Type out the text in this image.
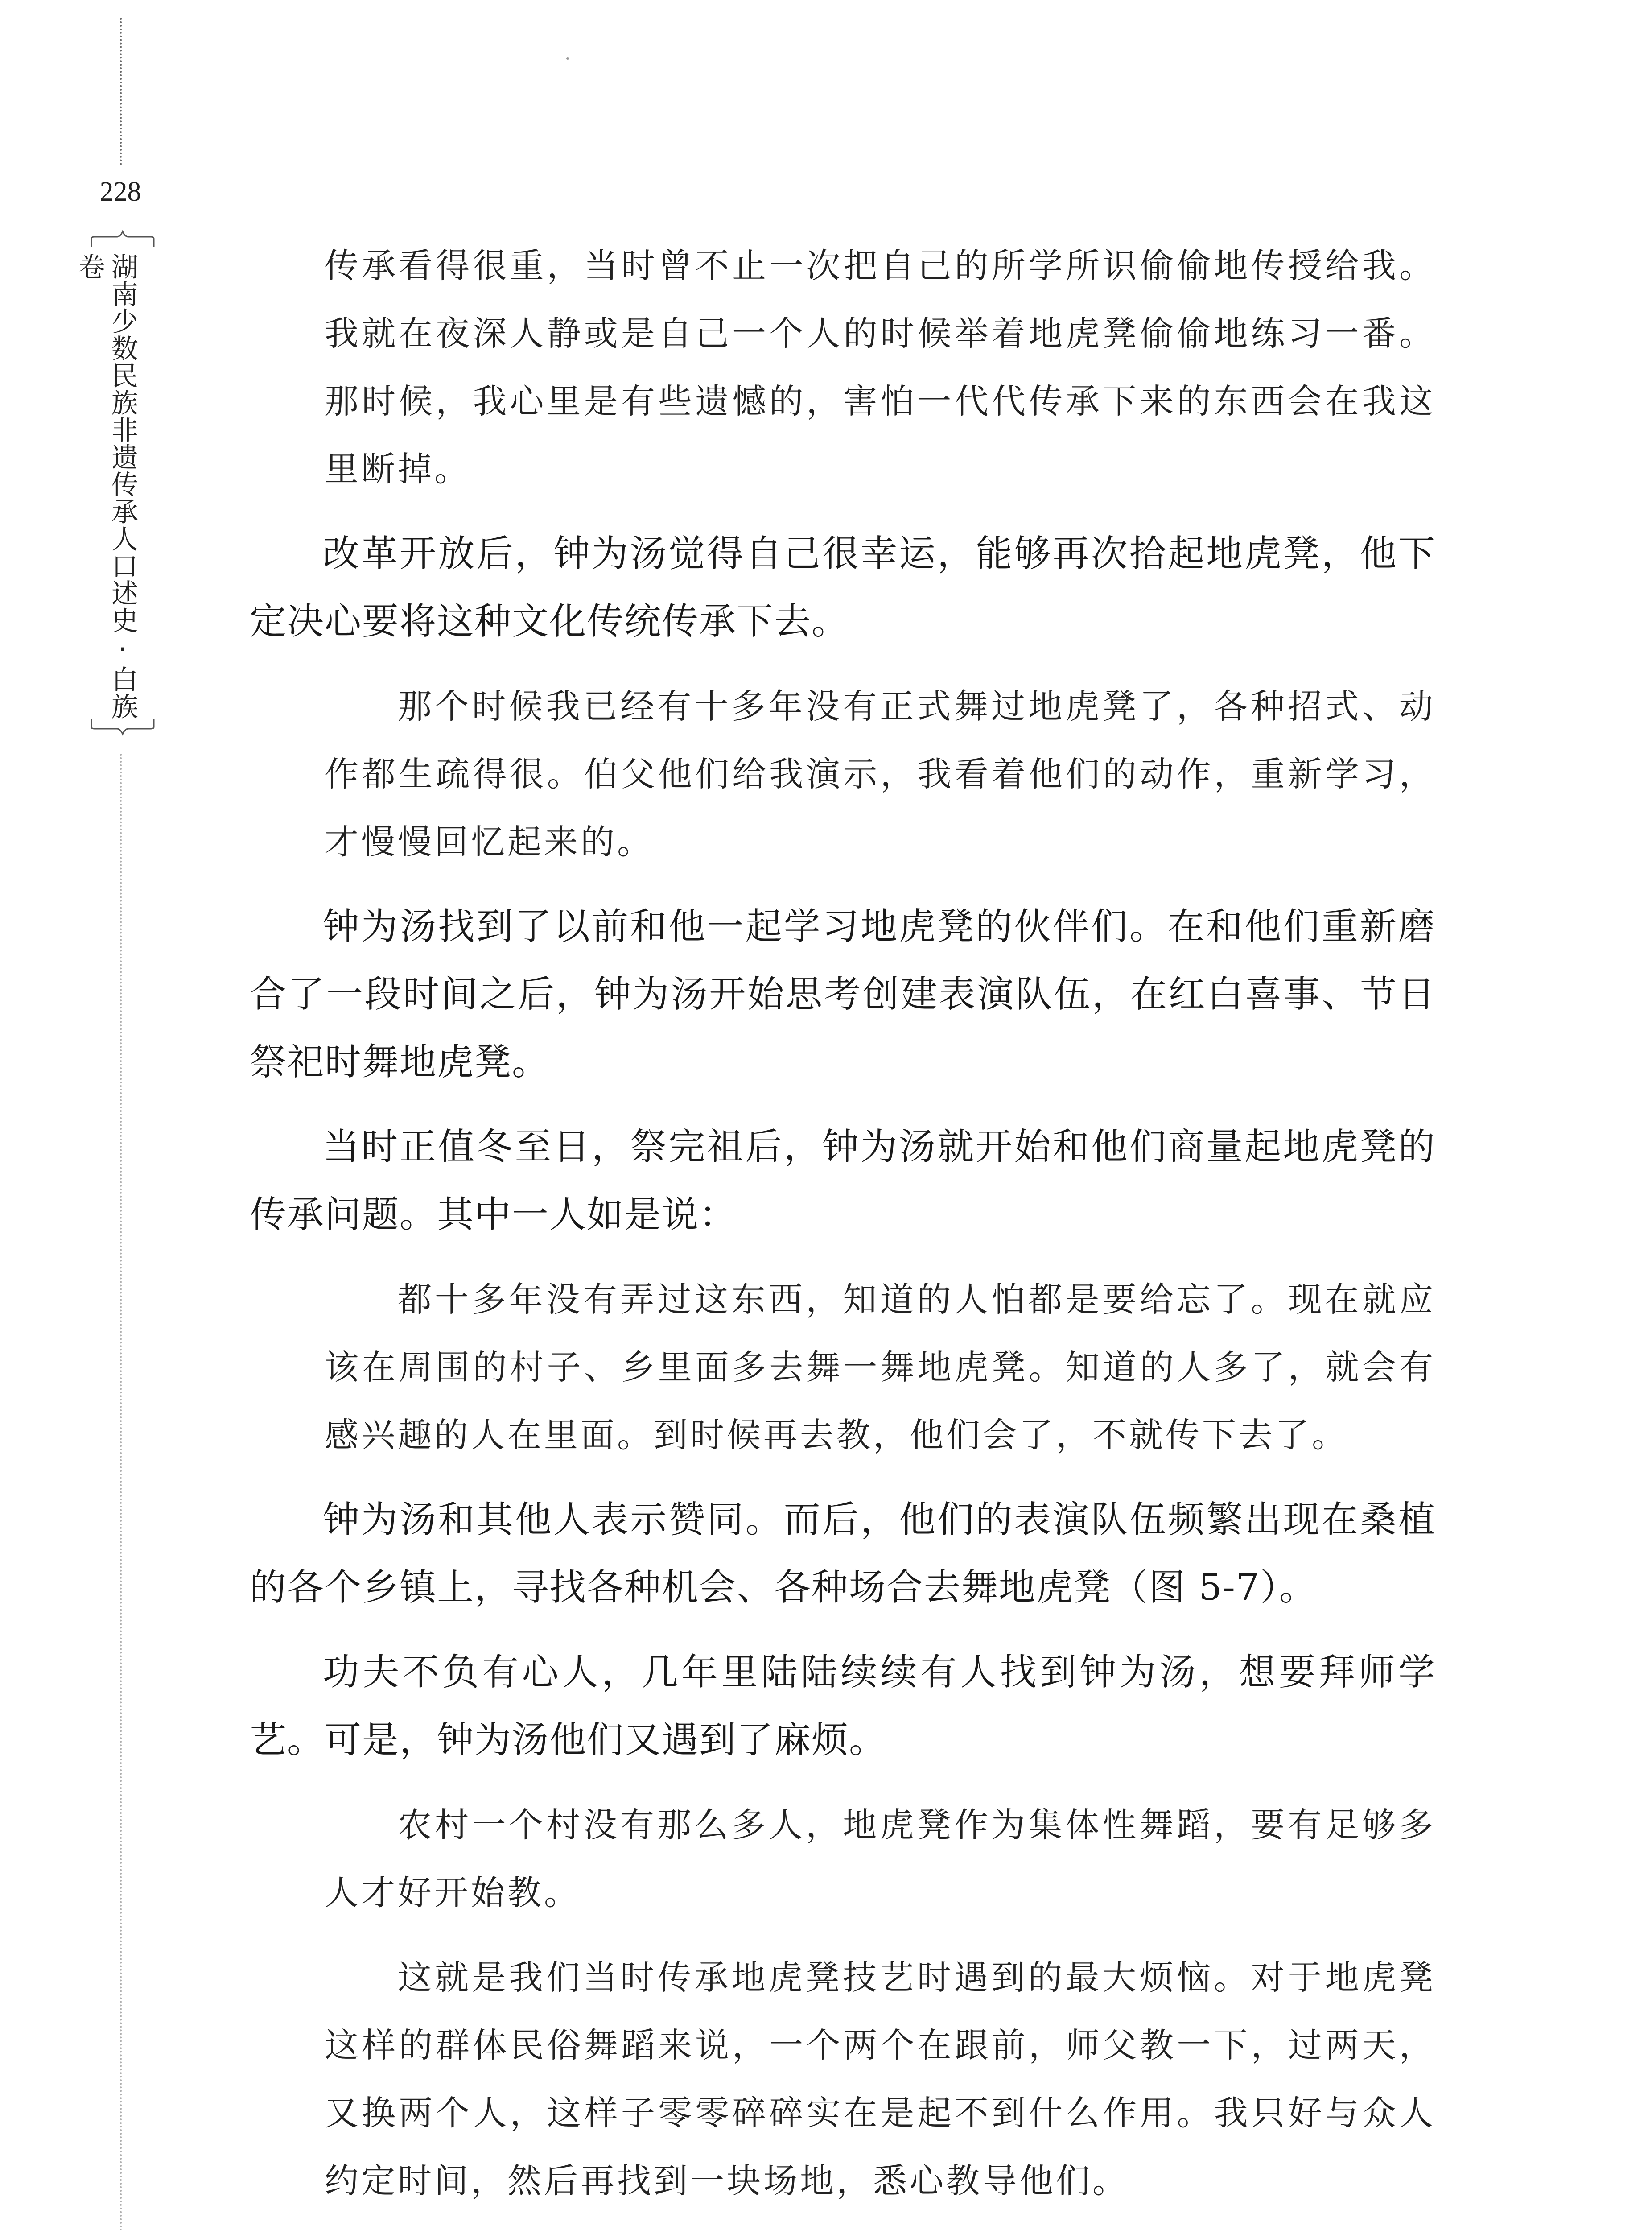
228
湖南少数民族非遗传承人口述史·白族卷	传承看得很重，当时曾不止一次把自己的所学所识偷偷地传授给我。我就在夜深人静或是自己一个人的时候举着地虎凳偷偷地练习一番。那时候，我心里是有些遗憾的，害怕一代代传承下来的东西会在我这里断掉。

改革开放后，钟为汤觉得自己很幸运，能够再次拾起地虎凳，他下定决心要将这种文化传统传承下去。

那个时候我已经有十多年没有正式舞过地虎凳了，各种招式、动作都生疏得很。伯父他们给我演示，我看着他们的动作，重新学习，才慢慢回忆起来的。

钟为汤找到了以前和他一起学习地虎凳的伙伴们。在和他们重新磨合了一段时间之后，钟为汤开始思考创建表演队伍，在红白喜事、节日祭祀时舞地虎凳。

当时正值冬至日，祭完祖后，钟为汤就开始和他们商量起地虎凳的传承问题。其中一人如是说：

都十多年没有弄过这东西，知道的人怕都是要给忘了。现在就应该在周围的村子、乡里面多去舞一舞地虎凳。知道的人多了，就会有感兴趣的人在里面。到时候再去教，他们会了，不就传下去了。

钟为汤和其他人表示赞同。而后，他们的表演队伍频繁出现在桑植的各个乡镇上，寻找各种机会、各种场合去舞地虎凳（图 5-7）。

功夫不负有心人，几年里陆陆续续有人找到钟为汤，想要拜师学艺。可是，钟为汤他们又遇到了麻烦。

农村一个村没有那么多人，地虎凳作为集体性舞蹈，要有足够多人才好开始教。

这就是我们当时传承地虎凳技艺时遇到的最大烦恼。对于地虎凳这样的群体民俗舞蹈来说，一个两个在跟前，师父教一下，过两天，又换两个人，这样子零零碎碎实在是起不到什么作用。我只好与众人约定时间，然后再找到一块场地，悉心教导他们。
